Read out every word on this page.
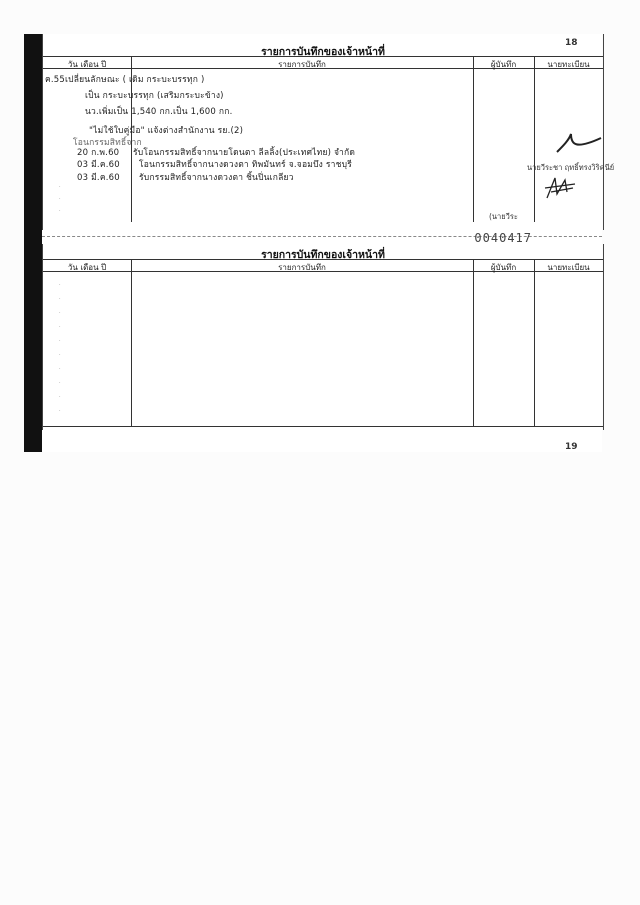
18
รายการบันทึกของเจ้าหน้าที่
วัน เดือน ปี	รายการบันทึก	ผู้บันทึก	นายทะเบียน
ค.55 เปลี่ยนลักษณะ ( เดิม กระบะบรรทุก )
เป็น กระบะบรรทุก (เสริมกระบะข้าง)
นว.เพิ่มเป็น 1,540 กก.เป็น 1,600 กก.
"ไม่ใช้ใบคู่มือ" แจ้งต่างสำนักงาน รย.(2)
โอนกรรมสิทธิ์จาก
20 ก.พ.60 รับโอนกรรมสิทธิ์จากนายโดนตา ลีลลิ้ง(ประเทศไทย) จำกัด
03 มี.ค.60 โอนกรรมสิทธิ์จากนางดวงตา ทิพมันทร์ จ.จอมบึง ราชบุรี
03 มี.ค.60 รับกรรมสิทธิ์จากนางดวงตา ชิ้นปิ่นเกลียว
·
·
·
นายวีระชา ฤทธิ์ทรงวิริคนีย์
(นายวีระ
0040417
รายการบันทึกของเจ้าหน้าที่
วัน เดือน ปี	รายการบันทึก	ผู้บันทึก	นายทะเบียน
·
·
·
·
·
·
·
·
·
·
19
